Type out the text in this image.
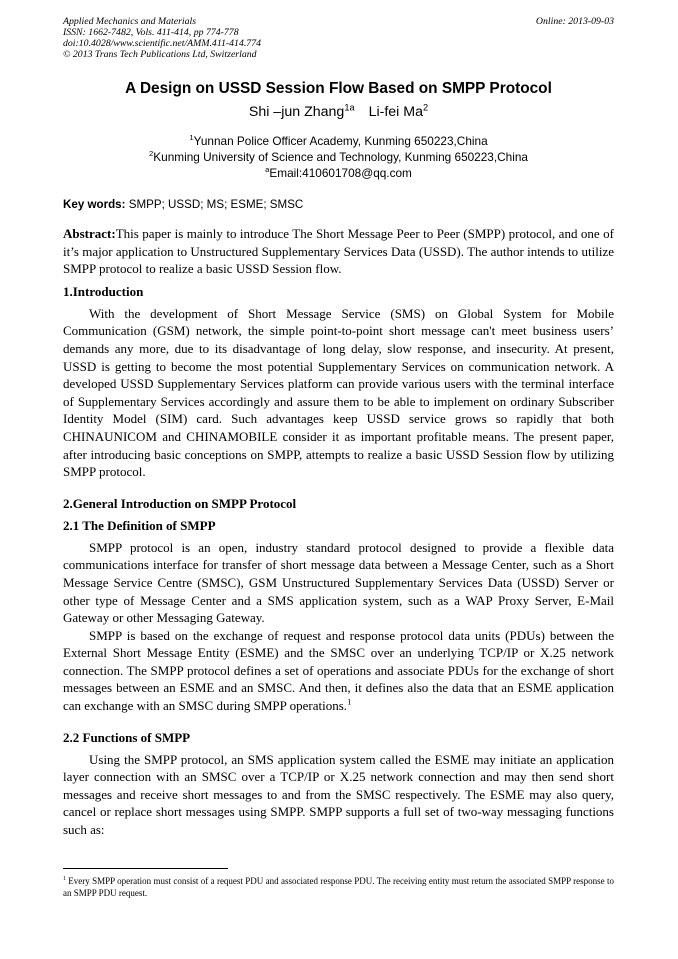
Applied Mechanics and Materials
ISSN: 1662-7482, Vols. 411-414, pp 774-778
doi:10.4028/www.scientific.net/AMM.411-414.774
© 2013 Trans Tech Publications Ltd, Switzerland
Online: 2013-09-03
A Design on USSD Session Flow Based on SMPP Protocol
Shi –jun Zhang$^{1a}$ Li-fei Ma$^2$
$^1$Yunnan Police Officer Academy, Kunming 650223,China
$^2$Kunming University of Science and Technology, Kunming 650223,China
$^a$Email:410601708@qq.com
Key words: SMPP; USSD; MS; ESME; SMSC
Abstract:This paper is mainly to introduce The Short Message Peer to Peer (SMPP) protocol, and one of it’s major application to Unstructured Supplementary Services Data (USSD). The author intends to utilize SMPP protocol to realize a basic USSD Session flow.
1.Introduction

With the development of Short Message Service (SMS) on Global System for Mobile Communication (GSM) network, the simple point-to-point short message can't meet business users’ demands any more, due to its disadvantage of long delay, slow response, and insecurity. At present, USSD is getting to become the most potential Supplementary Services on communication network. A developed USSD Supplementary Services platform can provide various users with the terminal interface of Supplementary Services accordingly and assure them to be able to implement on ordinary Subscriber Identity Model (SIM) card. Such advantages keep USSD service grows so rapidly that both CHINAUNICOM and CHINAMOBILE consider it as important profitable means. The present paper, after introducing basic conceptions on SMPP, attempts to realize a basic USSD Session flow by utilizing SMPP protocol.

2.General Introduction on SMPP Protocol
2.1 The Definition of SMPP

SMPP protocol is an open, industry standard protocol designed to provide a flexible data communications interface for transfer of short message data between a Message Center, such as a Short Message Service Centre (SMSC), GSM Unstructured Supplementary Services Data (USSD) Server or other type of Message Center and a SMS application system, such as a WAP Proxy Server, E-Mail Gateway or other Messaging Gateway.

SMPP is based on the exchange of request and response protocol data units (PDUs) between the External Short Message Entity (ESME) and the SMSC over an underlying TCP/IP or X.25 network connection. The SMPP protocol defines a set of operations and associate PDUs for the exchange of short messages between an ESME and an SMSC. And then, it defines also the data that an ESME application can exchange with an SMSC during SMPP operations.$^1$

2.2 Functions of SMPP

Using the SMPP protocol, an SMS application system called the ESME may initiate an application layer connection with an SMSC over a TCP/IP or X.25 network connection and may then send short messages and receive short messages to and from the SMSC respectively. The ESME may also query, cancel or replace short messages using SMPP. SMPP supports a full set of two-way messaging functions such as:

$^1$ Every SMPP operation must consist of a request PDU and associated response PDU. The receiving entity must return the associated SMPP response to an SMPP PDU request.
